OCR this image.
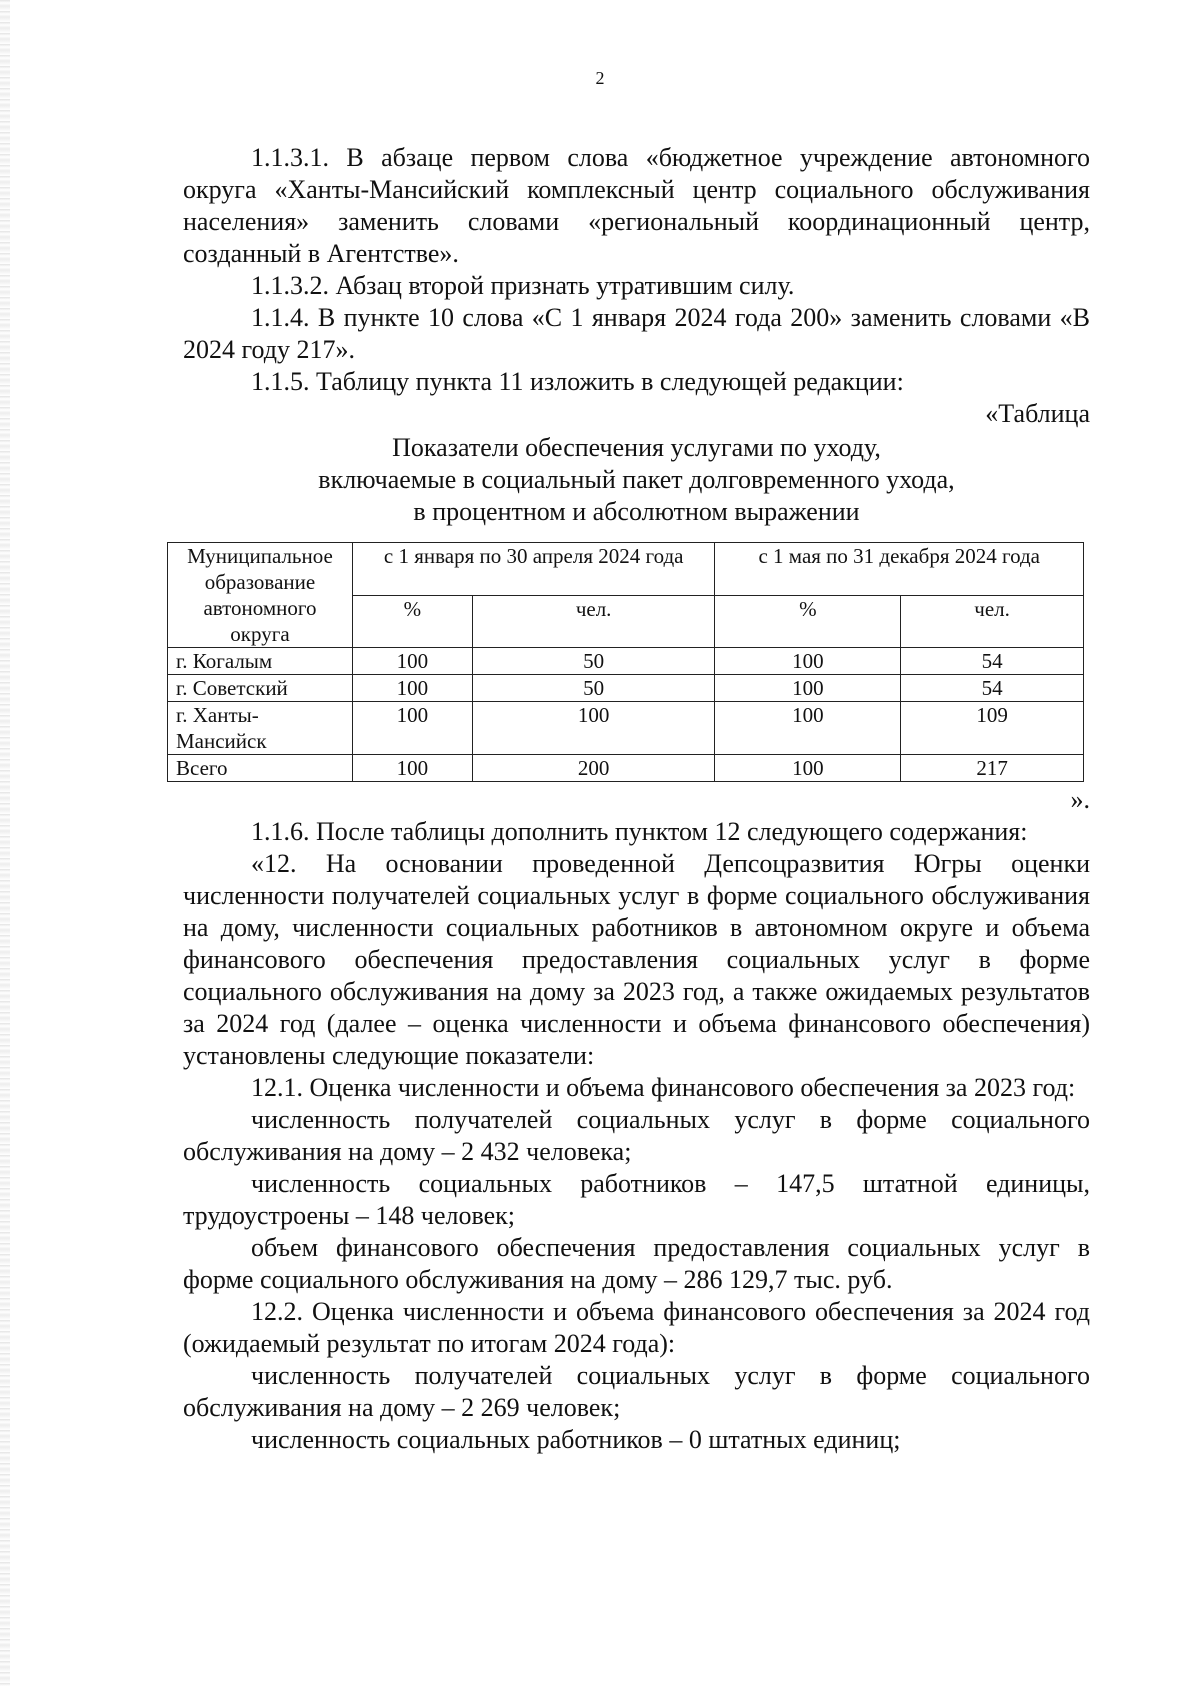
2

1.1.3.1. В абзаце первом слова «бюджетное учреждение автономного округа «Ханты-Мансийский комплексный центр социального обслуживания населения» заменить словами «региональный координационный центр, созданный в Агентстве».

1.1.3.2. Абзац второй признать утратившим силу.

1.1.4. В пункте 10 слова «С 1 января 2024 года 200» заменить словами «В 2024 году 217».

1.1.5. Таблицу пункта 11 изложить в следующей редакции:

«Таблица

Показатели обеспечения услугами по уходу,

включаемые в социальный пакет долговременного ухода,

в процентном и абсолютном выражении

Муниципальное образование автономного округа	с 1 января по 30 апреля 2024 года		с 1 мая по 31 декабря 2024 года	
	%	чел.	%	чел.
г. Когалым	100	50	100	54
г. Советский	100	50	100	54
г. Ханты-Мансийск	100	100	100	109
Всего	100	200	100	217

».

1.1.6. После таблицы дополнить пунктом 12 следующего содержания:

«12. На основании проведенной Депсоцразвития Югры оценки численности получателей социальных услуг в форме социального обслуживания на дому, численности социальных работников в автономном округе и объема финансового обеспечения предоставления социальных услуг в форме социального обслуживания на дому за 2023 год, а также ожидаемых результатов за 2024 год (далее – оценка численности и объема финансового обеспечения) установлены следующие показатели:

12.1. Оценка численности и объема финансового обеспечения за 2023 год:

численность получателей социальных услуг в форме социального обслуживания на дому – 2 432 человека;

численность социальных работников – 147,5 штатной единицы, трудоустроены – 148 человек;

объем финансового обеспечения предоставления социальных услуг в форме социального обслуживания на дому – 286 129,7 тыс. руб.

12.2. Оценка численности и объема финансового обеспечения за 2024 год (ожидаемый результат по итогам 2024 года):

численность получателей социальных услуг в форме социального обслуживания на дому – 2 269 человек;

численность социальных работников – 0 штатных единиц;
